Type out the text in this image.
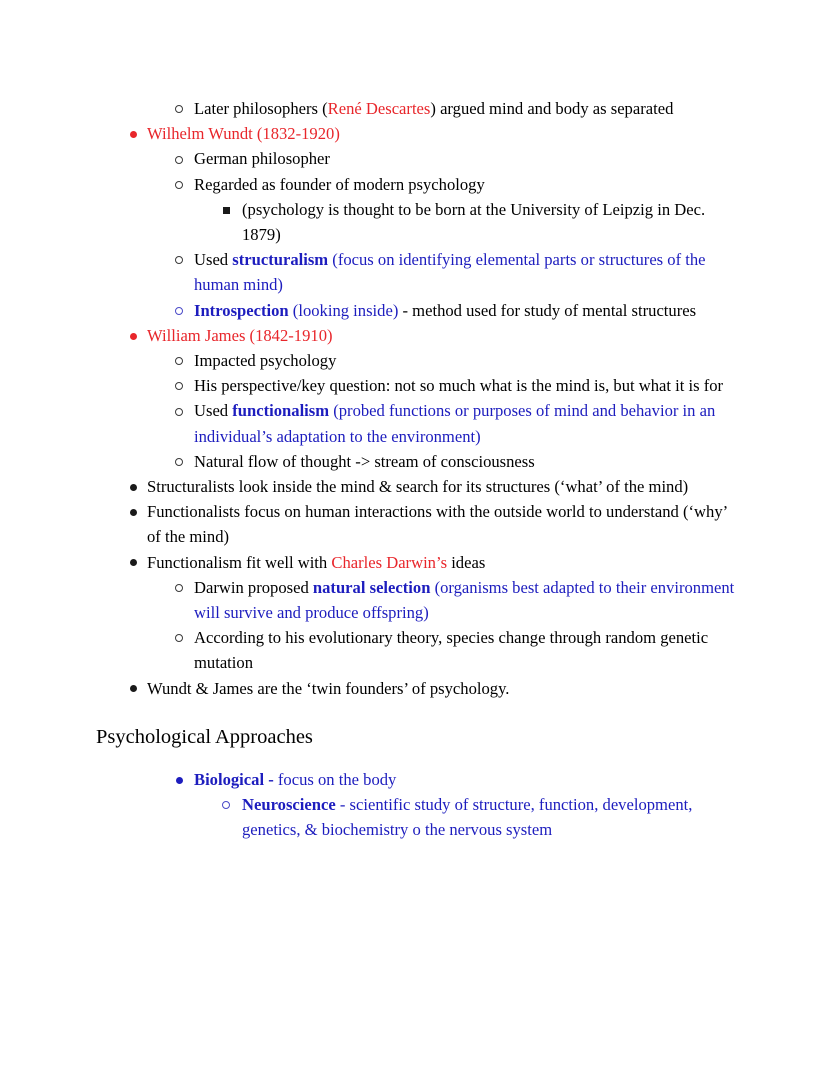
Later philosophers (René Descartes) argued mind and body as separated
Wilhelm Wundt (1832-1920)
German philosopher
Regarded as founder of modern psychology
(psychology is thought to be born at the University of Leipzig in Dec. 1879)
Used structuralism (focus on identifying elemental parts or structures of the human mind)
Introspection (looking inside) - method used for study of mental structures
William James (1842-1910)
Impacted psychology
His perspective/key question: not so much what is the mind is, but what it is for
Used functionalism (probed functions or purposes of mind and behavior in an individual’s adaptation to the environment)
Natural flow of thought -> stream of consciousness
Structuralists look inside the mind & search for its structures (‘what’ of the mind)
Functionalists focus on human interactions with the outside world to understand (‘why’ of the mind)
Functionalism fit well with Charles Darwin’s ideas
Darwin proposed natural selection (organisms best adapted to their environment will survive and produce offspring)
According to his evolutionary theory, species change through random genetic mutation
Wundt & James are the ‘twin founders’ of psychology.
Psychological Approaches
Biological - focus on the body
Neuroscience - scientific study of structure, function, development, genetics, & biochemistry o the nervous system
